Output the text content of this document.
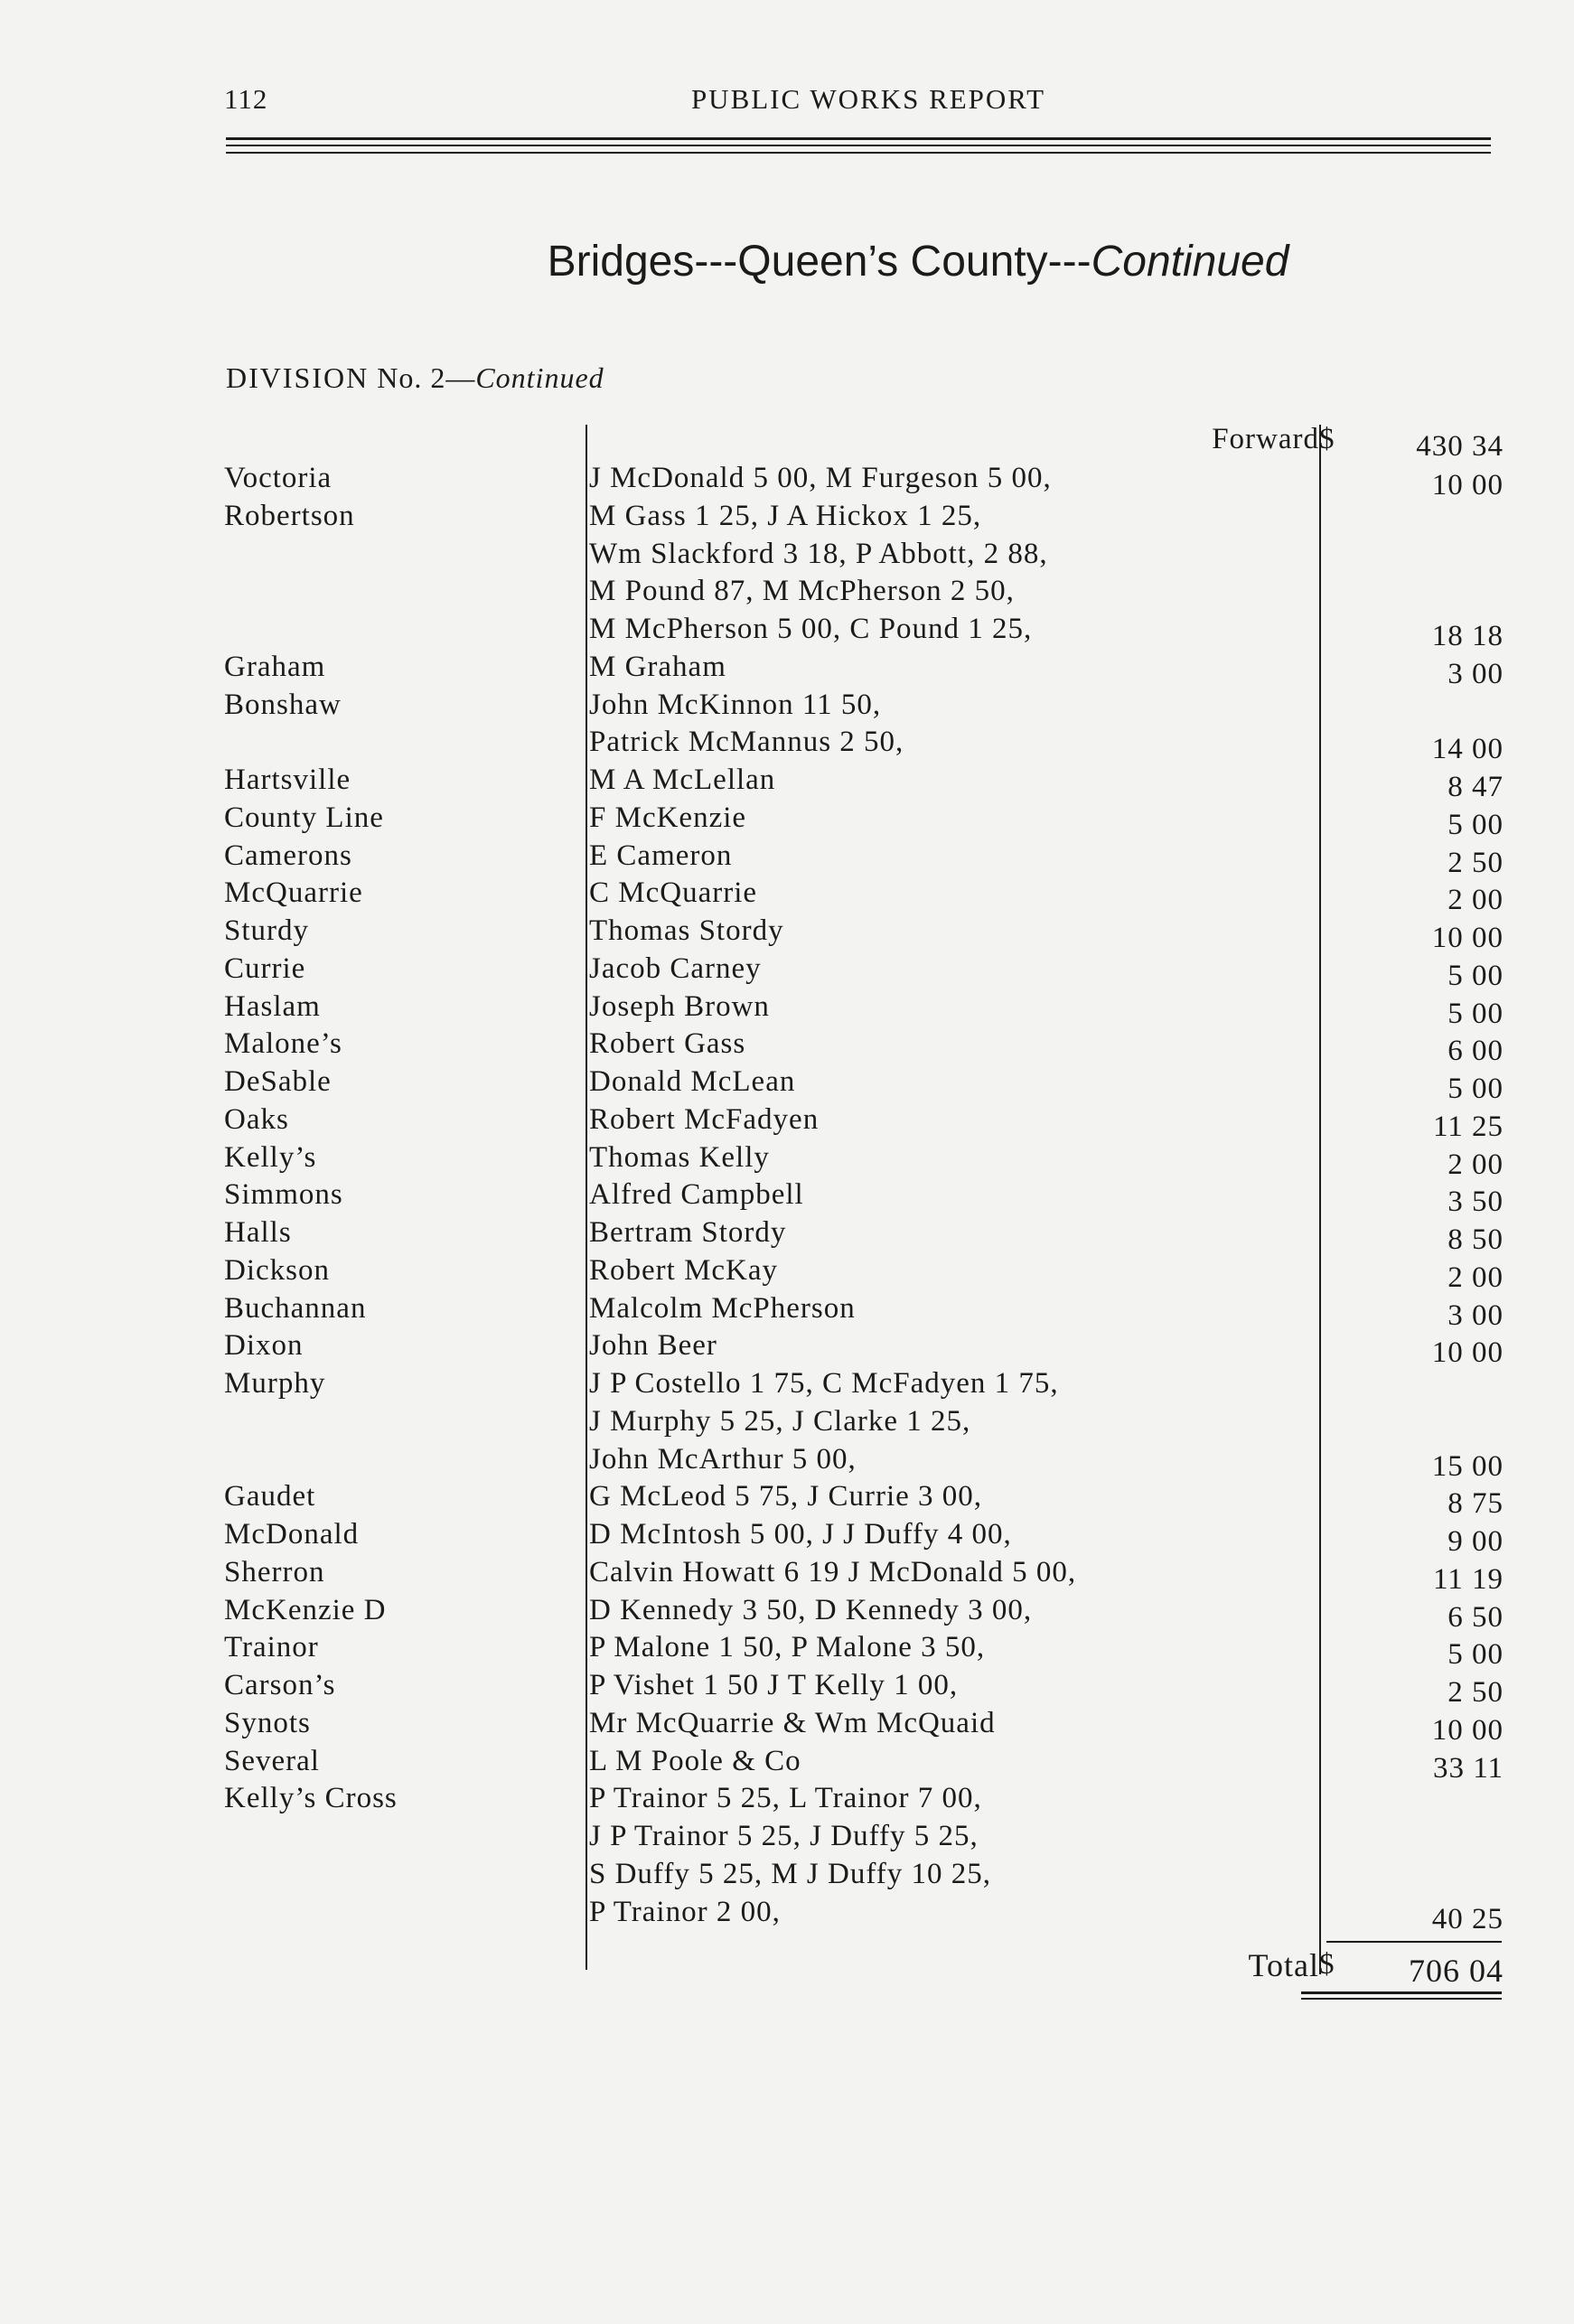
112	PUBLIC WORKS REPORT
Bridges---Queen’s County---Continued
DIVISION No. 2—Continued
Forward $	430 34
Voctoria	J McDonald 5 00, M Furgeson 5 00,	10 00
Robertson	M Gass 1 25, J A Hickox 1 25,
Wm Slackford 3 18, P Abbott, 2 88,
M Pound 87, M McPherson 2 50,
M McPherson 5 00, C Pound 1 25,	18 18
Graham	M Graham	3 00
Bonshaw	John McKinnon 11 50,
Patrick McMannus 2 50,	14 00
Hartsville	M A McLellan	8 47
County Line	F McKenzie	5 00
Camerons	E Cameron	2 50
McQuarrie	C McQuarrie	2 00
Sturdy	Thomas Stordy	10 00
Currie	Jacob Carney	5 00
Haslam	Joseph Brown	5 00
Malone’s	Robert Gass	6 00
DeSable	Donald McLean	5 00
Oaks	Robert McFadyen	11 25
Kelly’s	Thomas Kelly	2 00
Simmons	Alfred Campbell	3 50
Halls	Bertram Stordy	8 50
Dickson	Robert McKay	2 00
Buchannan	Malcolm McPherson	3 00
Dixon	John Beer	10 00
Murphy	J P Costello 1 75, C McFadyen 1 75,
J Murphy 5 25, J Clarke 1 25,
John McArthur 5 00,	15 00
Gaudet	G McLeod 5 75, J Currie 3 00,	8 75
McDonald	D McIntosh 5 00, J J Duffy 4 00,	9 00
Sherron	Calvin Howatt 6 19 J McDonald 5 00,	11 19
McKenzie D	D Kennedy 3 50, D Kennedy 3 00,	6 50
Trainor	P Malone 1 50, P Malone 3 50,	5 00
Carson’s	P Vishet 1 50 J T Kelly 1 00,	2 50
Synots	Mr McQuarrie & Wm McQuaid	10 00
Several	L M Poole & Co	33 11
Kelly’s Cross	P Trainor 5 25, L Trainor 7 00,
J P Trainor 5 25, J Duffy 5 25,
S Duffy 5 25, M J Duffy 10 25,
P Trainor 2 00,	40 25
Total $ 706 04
